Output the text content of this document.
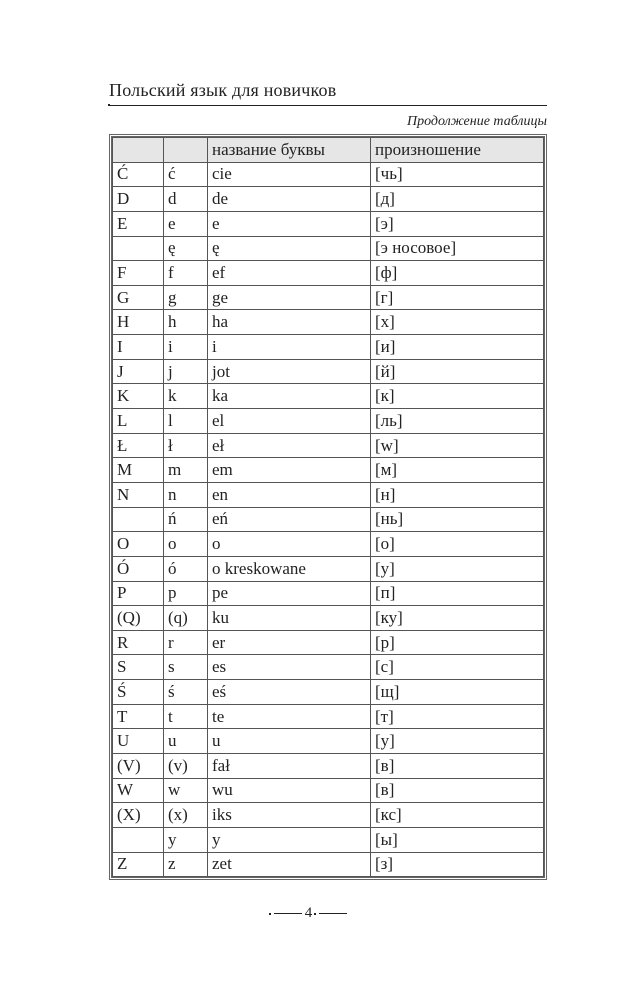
Польский язык для новичков
Продолжение таблицы
		название буквы	произношение
Ć	ć	cie	[чь]
D	d	de	[д]
E	e	e	[э]
	ę	ę	[э носовое]
F	f	ef	[ф]
G	g	ge	[г]
H	h	ha	[х]
I	i	i	[и]
J	j	jot	[й]
K	k	ka	[к]
L	l	el	[ль]
Ł	ł	eł	[w]
M	m	em	[м]
N	n	en	[н]
	ń	eń	[нь]
O	o	o	[о]
Ó	ó	o kreskowane	[у]
P	p	pe	[п]
(Q)	(q)	ku	[ку]
R	r	er	[р]
S	s	es	[с]
Ś	ś	eś	[щ]
T	t	te	[т]
U	u	u	[у]
(V)	(v)	fał	[в]
W	w	wu	[в]
(X)	(x)	iks	[кс]
	y	y	[ы]
Z	z	zet	[з]
4
